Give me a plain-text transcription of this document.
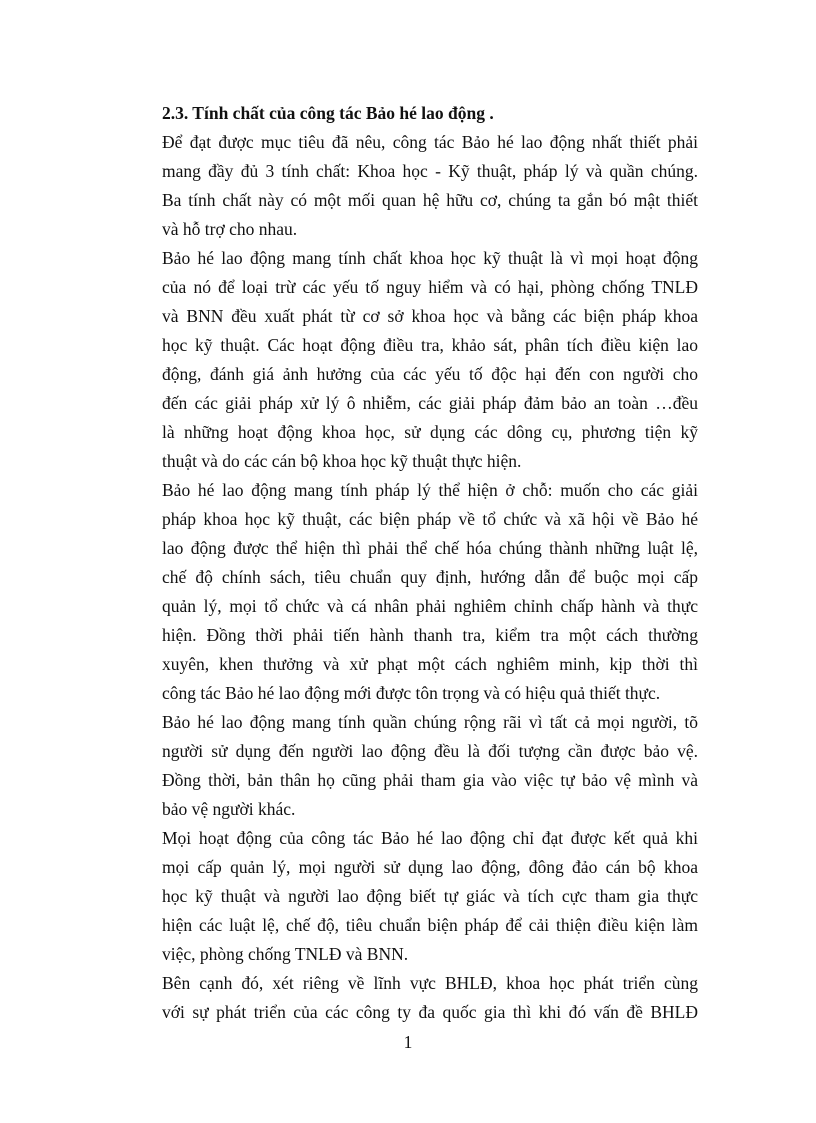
2.3. Tính chất của công tác Bảo hé lao động .
Để đạt được mục tiêu đã nêu, công tác Bảo hé lao động nhất thiết phải
mang đầy đủ 3 tính chất: Khoa học - Kỹ thuật, pháp lý và quần chúng.
Ba tính chất này có một mối quan hệ hữu cơ, chúng ta gắn bó mật thiết
và hỗ trợ cho nhau.
Bảo hé lao động mang tính chất khoa học kỹ thuật là vì mọi hoạt động
của nó để loại trừ các yếu tố nguy hiểm và có hại, phòng chống TNLĐ
và BNN đều xuất phát từ cơ sở khoa học và bằng các biện pháp khoa
học kỹ thuật. Các hoạt động điều tra, khảo sát, phân tích điều kiện lao
động, đánh giá ảnh hưởng của các yếu tố độc hại đến con người cho
đến các giải pháp xử lý ô nhiễm, các giải pháp đảm bảo an toàn …đều
là những hoạt động khoa học, sử dụng các dông cụ, phương tiện kỹ
thuật và do các cán bộ khoa học kỹ thuật thực hiện.
Bảo hé lao động mang tính pháp lý thể hiện ở chỗ: muốn cho các giải
pháp khoa học kỹ thuật, các biện pháp về tổ chức và xã hội về Bảo hé
lao động được thể hiện thì phải thể chế hóa chúng thành những luật lệ,
chế độ chính sách, tiêu chuẩn quy định, hướng dẫn để buộc mọi cấp
quản lý, mọi tổ chức và cá nhân phải nghiêm chỉnh chấp hành và thực
hiện. Đồng thời phải tiến hành thanh tra, kiểm tra một cách thường
xuyên, khen thưởng và xử phạt một cách nghiêm minh, kịp thời thì
công tác Bảo hé lao động mới được tôn trọng và có hiệu quả thiết thực.
Bảo hé lao động mang tính quần chúng rộng rãi vì tất cả mọi người, tõ
người sử dụng đến người lao động đều là đối tượng cần được bảo vệ.
Đồng thời, bản thân họ cũng phải tham gia vào việc tự bảo vệ mình và
bảo vệ người khác.
Mọi hoạt động của công tác Bảo hé lao động chỉ đạt được kết quả khi
mọi cấp quản lý, mọi người sử dụng lao động, đông đảo cán bộ khoa
học kỹ thuật và người lao động biết tự giác và tích cực tham gia thực
hiện các luật lệ, chế độ, tiêu chuẩn biện pháp để cải thiện điều kiện làm
việc, phòng chống TNLĐ và BNN.
Bên cạnh đó, xét riêng về lĩnh vực BHLĐ, khoa học phát triển cùng
với sự phát triển của các công ty đa quốc gia thì khi đó vấn đề BHLĐ
1
